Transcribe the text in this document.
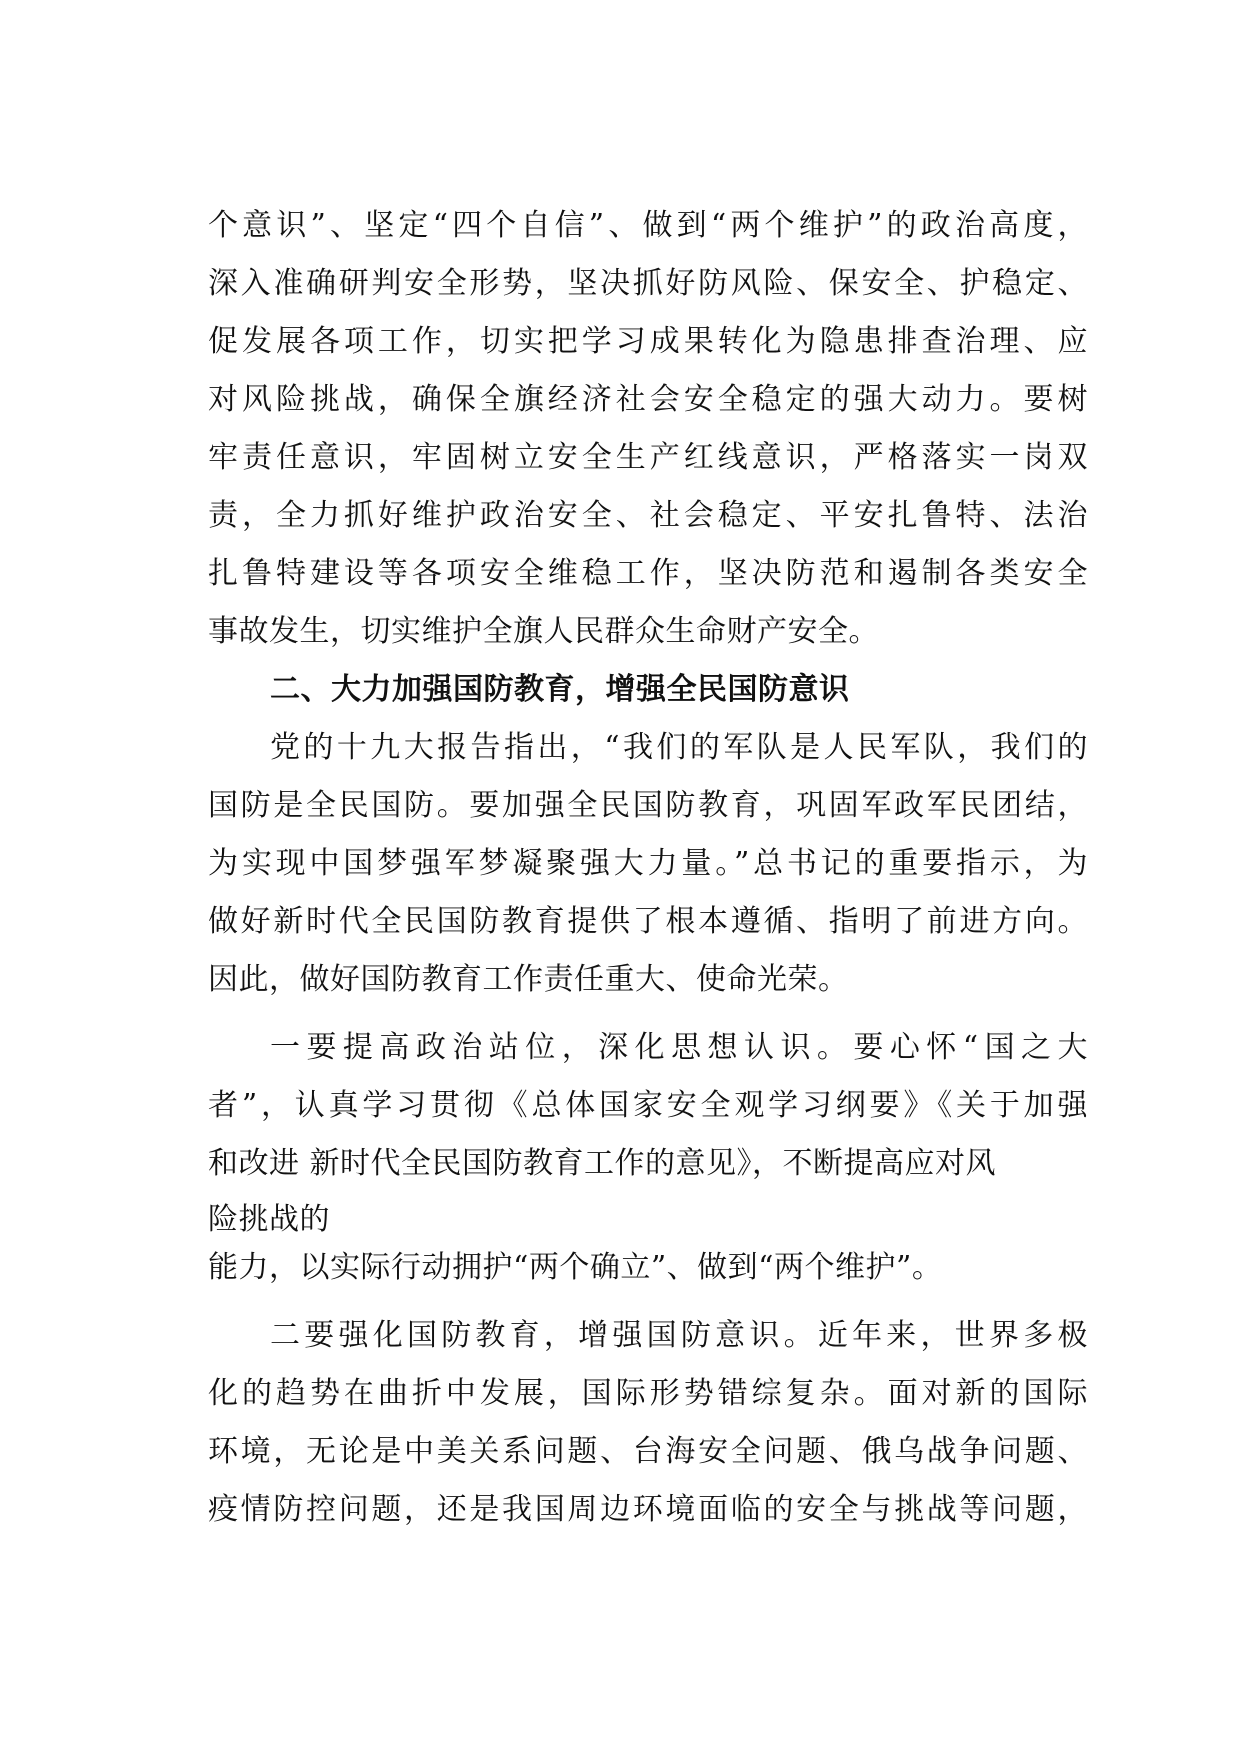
个意识”、坚定“四个自信”、做到“两个维护”的政治高度，
深入准确研判安全形势，坚决抓好防风险、保安全、护稳定、
促发展各项工作，切实把学习成果转化为隐患排查治理、应
对风险挑战，确保全旗经济社会安全稳定的强大动力。要树
牢责任意识，牢固树立安全生产红线意识，严格落实一岗双
责，全力抓好维护政治安全、社会稳定、平安扎鲁特、法治
扎鲁特建设等各项安全维稳工作，坚决防范和遏制各类安全
事故发生，切实维护全旗人民群众生命财产安全。
二、大力加强国防教育，增强全民国防意识
党的十九大报告指出，“我们的军队是人民军队，我们的
国防是全民国防。要加强全民国防教育，巩固军政军民团结，
为实现中国梦强军梦凝聚强大力量。”总书记的重要指示，为
做好新时代全民国防教育提供了根本遵循、指明了前进方向。
因此，做好国防教育工作责任重大、使命光荣。
一要提高政治站位，深化思想认识。要心怀“国之大
者”，认真学习贯彻《总体国家安全观学习纲要》《关于加强
和改进 新时代全民国防教育工作的意见》，不断提高应对风
险挑战的
能力，以实际行动拥护“两个确立”、做到“两个维护”。
二要强化国防教育，增强国防意识。近年来，世界多极
化的趋势在曲折中发展，国际形势错综复杂。面对新的国际
环境，无论是中美关系问题、台海安全问题、俄乌战争问题、
疫情防控问题，还是我国周边环境面临的安全与挑战等问题，
